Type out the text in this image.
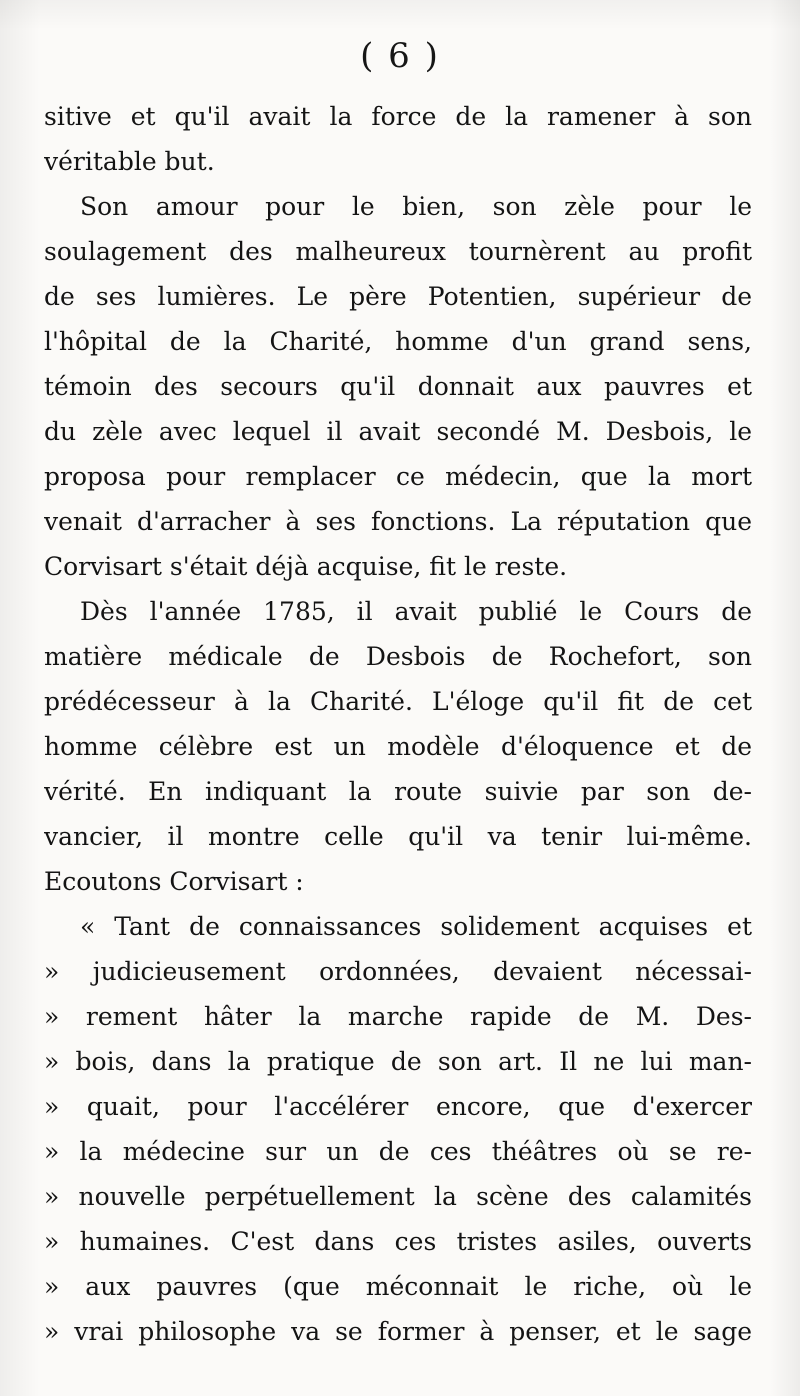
( 6 )

sitive et qu'il avait la force de la ramener à son
véritable but.
Son amour pour le bien, son zèle pour le
soulagement des malheureux tournèrent au profit
de ses lumières. Le père Potentien, supérieur de
l'hôpital de la Charité, homme d'un grand sens,
témoin des secours qu'il donnait aux pauvres et
du zèle avec lequel il avait secondé M. Desbois, le
proposa pour remplacer ce médecin, que la mort
venait d'arracher à ses fonctions. La réputation que
Corvisart s'était déjà acquise, fit le reste.
Dès l'année 1785, il avait publié le Cours de
matière médicale de Desbois de Rochefort, son
prédécesseur à la Charité. L'éloge qu'il fit de cet
homme célèbre est un modèle d'éloquence et de
vérité. En indiquant la route suivie par son de-
vancier, il montre celle qu'il va tenir lui-même.
Ecoutons Corvisart :
« Tant de connaissances solidement acquises et
» judicieusement ordonnées, devaient nécessai-
» rement hâter la marche rapide de M. Des-
» bois, dans la pratique de son art. Il ne lui man-
» quait, pour l'accélérer encore, que d'exercer
» la médecine sur un de ces théâtres où se re-
» nouvelle perpétuellement la scène des calamités
» humaines. C'est dans ces tristes asiles, ouverts
» aux pauvres (que méconnait le riche, où le
» vrai philosophe va se former à penser, et le sage
